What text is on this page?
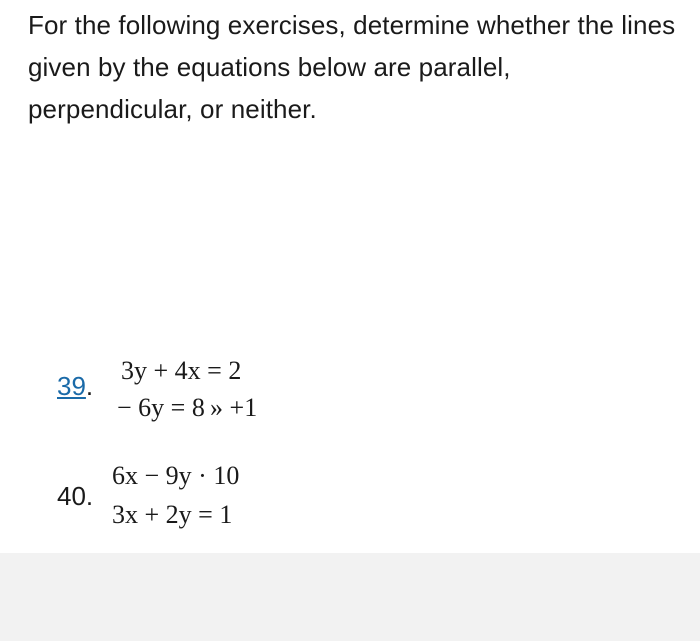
For the following exercises, determine whether the lines given by the equations below are parallel, perpendicular, or neither.
39.
3y + 4x = 2
− 6y = 8 » +1
40.
6x − 9y · 10
3x + 2y = 1
